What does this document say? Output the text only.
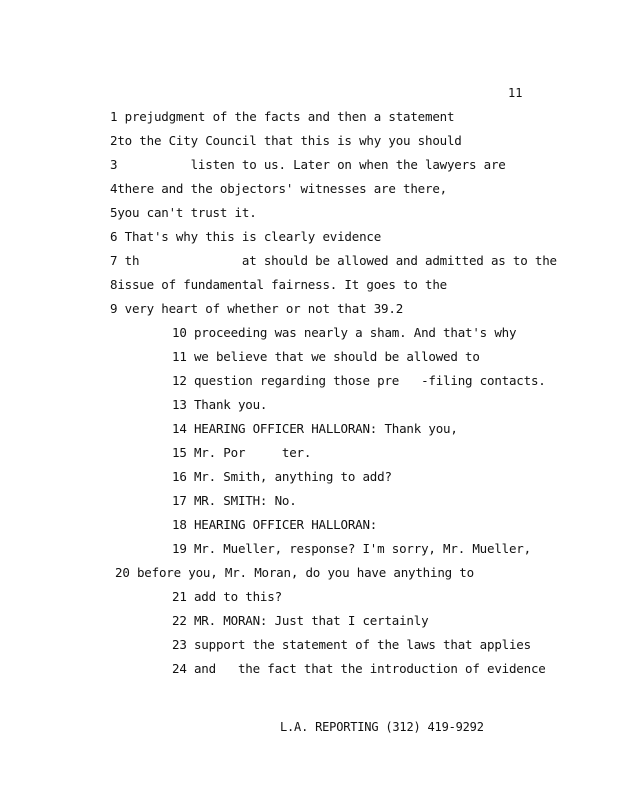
11
1 prejudgment of the facts and then a statement
2to the City Council that this is why you should
3          listen to us. Later on when the lawyers are
4there and the objectors' witnesses are there,
5you can't trust it.
6 That's why this is clearly evidence
7 th              at should be allowed and admitted as to the
8issue of fundamental fairness. It goes to the
9 very heart of whether or not that 39.2
10 proceeding was nearly a sham. And that's why
11 we believe that we should be allowed to
12 question regarding those pre   -filing contacts.
13 Thank you.
14 HEARING OFFICER HALLORAN: Thank you,
15 Mr. Por     ter.
16 Mr. Smith, anything to add?
17 MR. SMITH: No.
18 HEARING OFFICER HALLORAN:
19 Mr. Mueller, response? I'm sorry, Mr. Mueller,
20 before you, Mr. Moran, do you have anything to
21 add to this?
22 MR. MORAN: Just that I certainly
23 support the statement of the laws that applies
24 and   the fact that the introduction of evidence
L.A. REPORTING (312) 419-9292
